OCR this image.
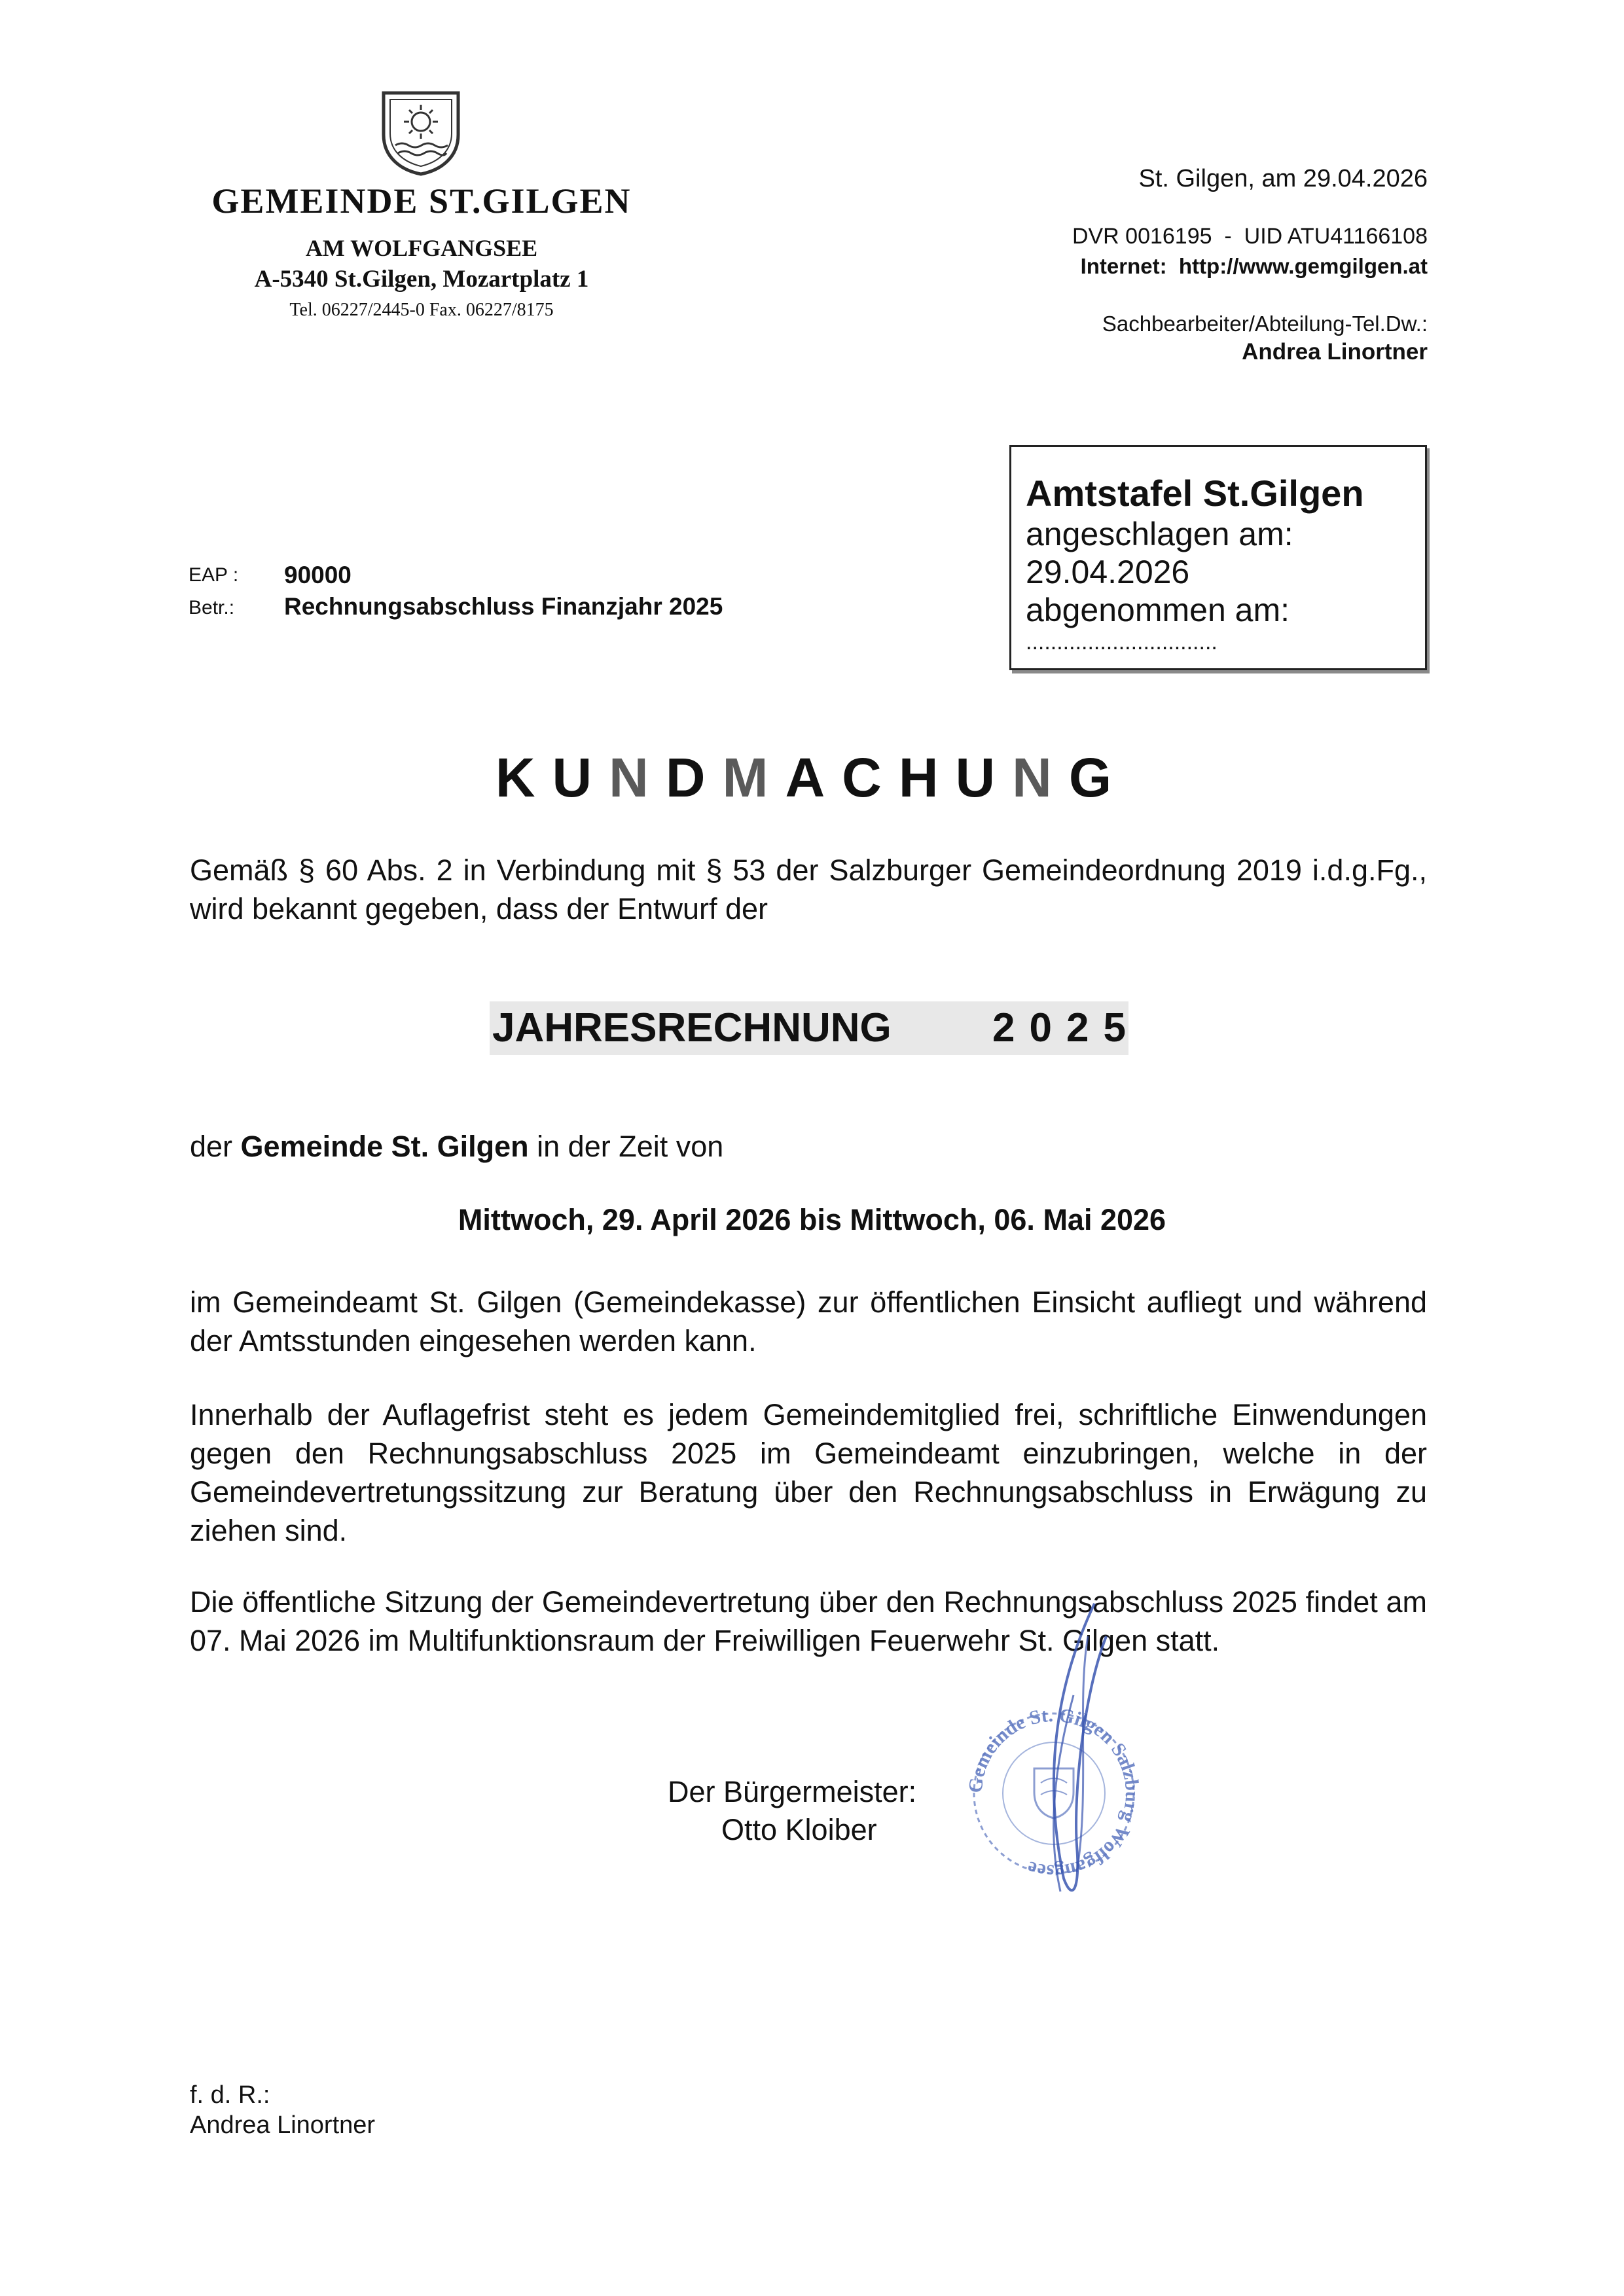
GEMEINDE ST.GILGEN
AM WOLFGANGSEE
A-5340 St.Gilgen, Mozartplatz 1
Tel. 06227/2445-0 Fax. 06227/8175
St. Gilgen, am 29.04.2026
DVR 0016195  -  UID ATU41166108
Internet:  http://www.gemgilgen.at
Sachbearbeiter/Abteilung-Tel.Dw.:
Andrea Linortner
EAP : 90000
Betr.: Rechnungsabschluss Finanzjahr 2025
Amtstafel St.Gilgen
angeschlagen am:
29.04.2026
abgenommen am:
...............................
KUNDMACHUNG
Gemäß § 60 Abs. 2 in Verbindung mit § 53 der Salzburger Gemeindeordnung 2019 i.d.g.Fg., wird bekannt gegeben, dass der Entwurf der
JAHRESRECHNUNG 2025
der Gemeinde St. Gilgen in der Zeit von
Mittwoch, 29. April 2026 bis Mittwoch, 06. Mai 2026
im Gemeindeamt St. Gilgen (Gemeindekasse) zur öffentlichen Einsicht aufliegt und während der Amtsstunden eingesehen werden kann.
Innerhalb der Auflagefrist steht es jedem Gemeindemitglied frei, schriftliche Einwendungen gegen den Rechnungsabschluss 2025 im Gemeindeamt einzubringen, welche in der Gemeindevertretungssitzung zur Beratung über den Rechnungsabschluss in Erwägung zu ziehen sind.
Die öffentliche Sitzung der Gemeindevertretung über den Rechnungsabschluss 2025 findet am 07. Mai 2026 im Multifunktionsraum der Freiwilligen Feuerwehr St. Gilgen statt.
Gemeinde St. Gilgen Salzburg Wolfgangsee
Der Bürgermeister:
Otto Kloiber
f. d. R.:
Andrea Linortner
